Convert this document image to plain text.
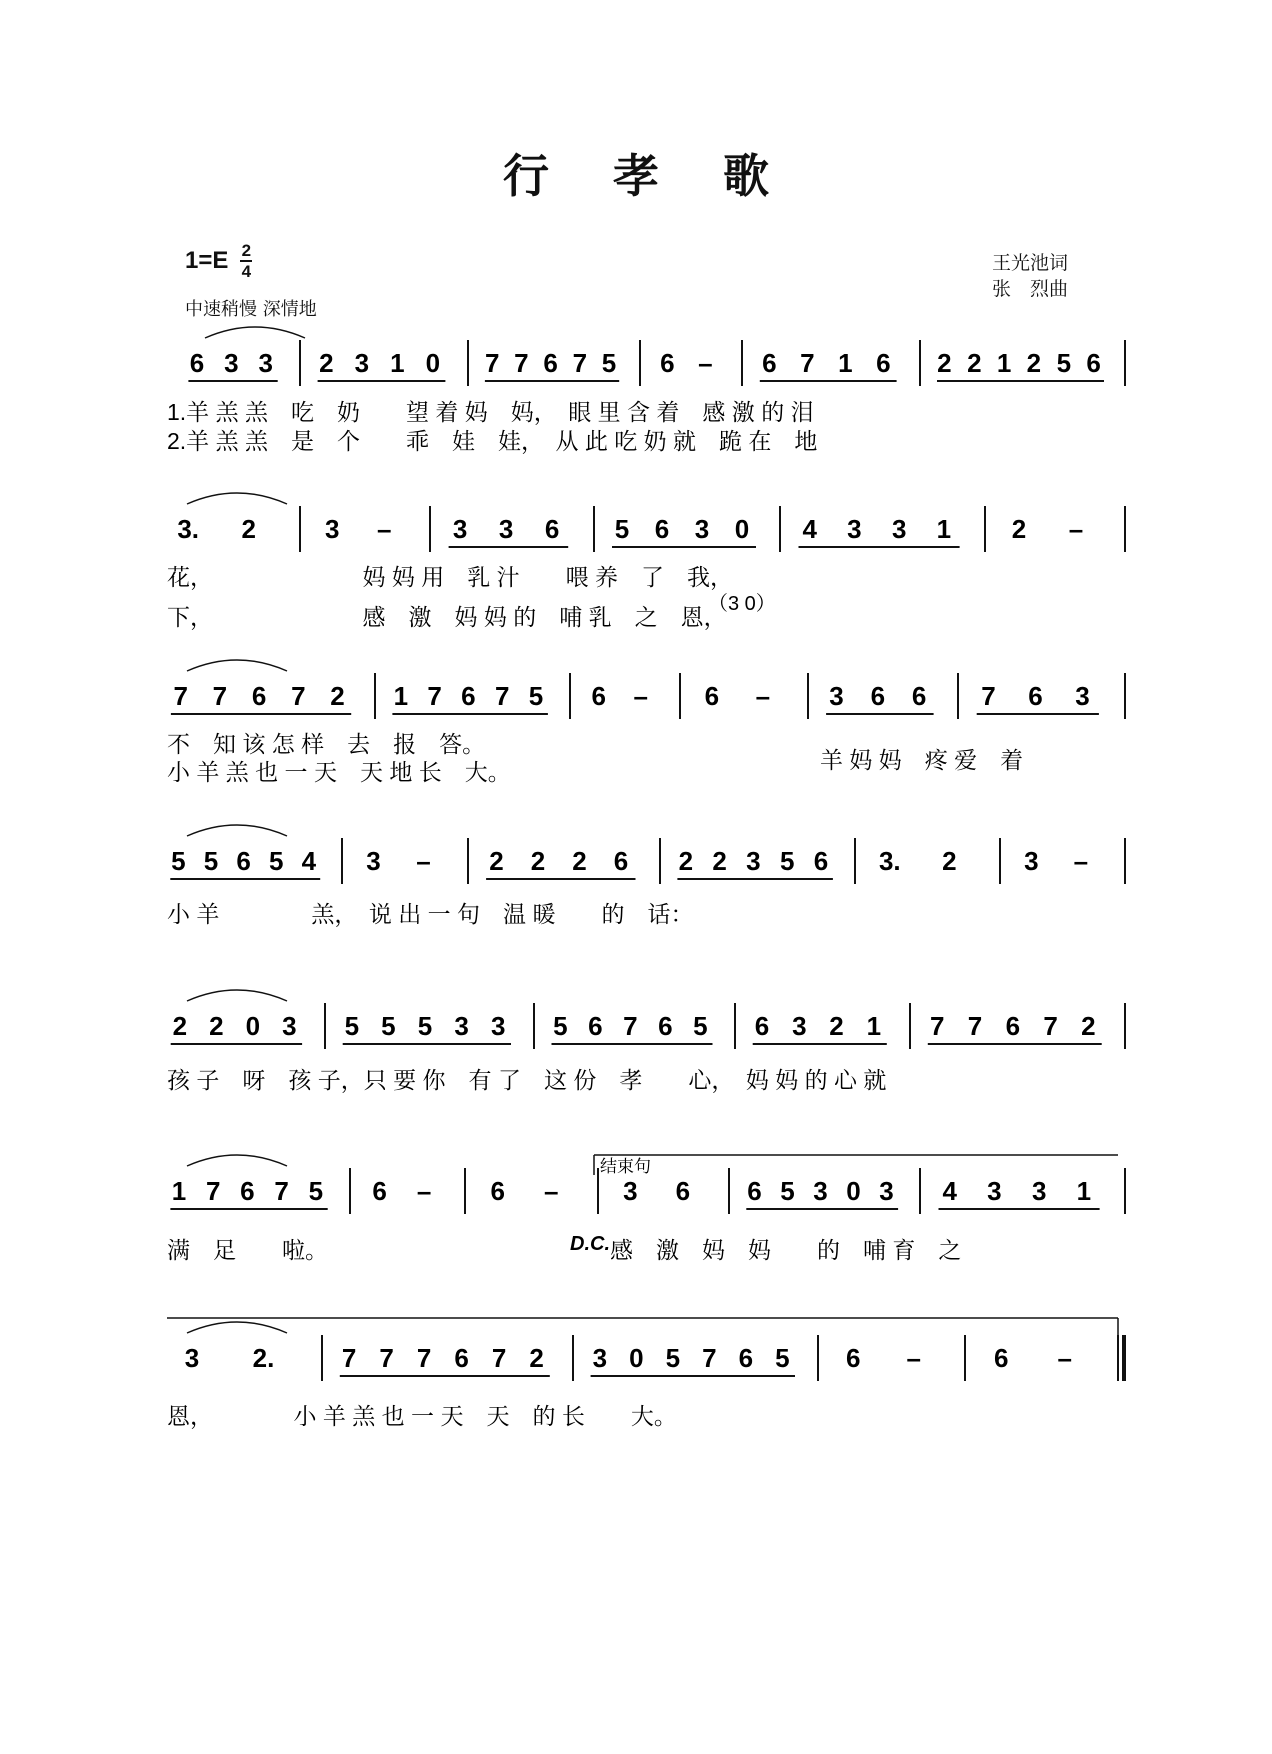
行孝歌
$1=E \frac{2}{4}$
中速稍慢 深情地
王光池词
张　烈曲
6 3 3 2 3 1 0 7 7 6 7 5 6 – 6 7 1 6 2 2 1 2 5 6
1.羊 羔 羔　吃　奶　　望 着 妈　妈，　眼 里 含 着　感 激 的 泪
2.羊 羔 羔　是　个　　乖　娃　娃，　从 此 吃 奶 就　跪 在　地
3. 2	3 – 3 3 6 5 6 3 0 4 3 3 1 2 –
花，　　　　　　　妈 妈 用　乳 汁　　喂 养　了　我，
下，　　　　　　　感　激　妈 妈 的　哺 乳　之　恩，
7 7 6 7 2 1 7 6 7 5 6 – 6 – 3 6 6 7 6 3
不　知 该 怎 样　去　报　答。
小 羊 羔 也 一 天　天 地 长　大。	羊 妈 妈　疼 爱　着
5 5 6 5 4 3 – 2 2 2 6 2 2 3 5 6 3. 2	3 –
小 羊　　　　羔，　说 出 一 句　温 暖　　的　话：
2 2 0 3 5 5 5 3 3 5 6 7 6 5 6 3 2 1 7 7 6 7 2
孩 子　呀　孩 子，只 要 你　有 了　这 份　孝　　心，　妈 妈 的 心 就
1 7 6 7 5 6 – 6 – 3 6 6 5 3 0 3 4 3 3 1
满　足　　啦。	感　激　妈　妈　　的　哺 育　之
3 2.	7 7 7 6 7 2 3 0 5 7 6 5 6 –	6 –
恩，　　　　小 羊 羔 也 一 天　天　的 长　　大。
结束句
D.C.
（3 0）
